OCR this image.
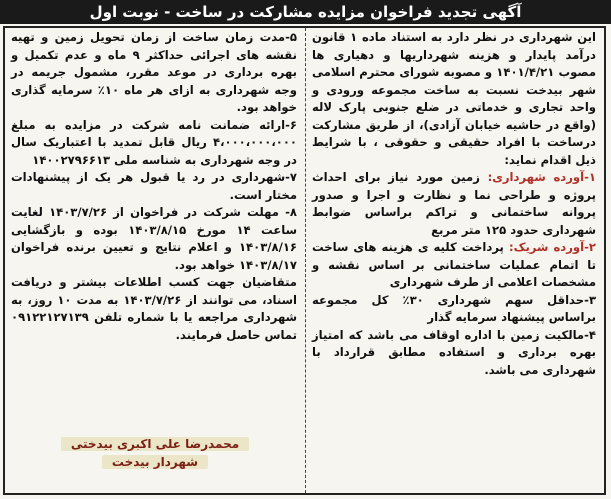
آگهی تجدید فراخوان مزایده مشارکت در ساخت - نوبت اول

این شهرداری در نظر دارد به استناد ماده ۱ قانون درآمد پایدار و هزینه شهرداریها و دهیاری ها مصوب ۱۴۰۱/۴/۲۱ و مصوبه شورای محترم اسلامی شهر بیدخت نسبت به ساخت مجموعه ورودی و واحد تجاری و خدماتی در ضلع جنوبی پارک لاله (واقع در حاشیه خیابان آزادی)، از طریق مشارکت درساخت با افراد حقیقی و حقوقی ، با شرایط ذیل اقدام نماید:

۱-آورده شهرداری: زمین مورد نیاز برای احداث پروژه و طراحی نما و نظارت و اجرا و صدور پروانه ساختمانی و تراکم براساس ضوابط شهرداری حدود ۱۲۵ متر مربع

۲-آورده شریک: پرداخت کلیه ی هزینه های ساخت تا اتمام عملیات ساختمانی بر اساس نقشه و مشخصات اعلامی از طرف شهرداری

۳-حداقل سهم شهرداری ۳۰٪ کل مجموعه براساس پیشنهاد سرمایه گذار

۴-مالکیت زمین با اداره اوقاف می باشد که امتیاز بهره برداری و استفاده مطابق قرارداد با شهرداری می باشد.

۵-مدت زمان ساخت از زمان تحویل زمین و تهیه نقشه های اجرائی حداکثر ۹ ماه و عدم تکمیل و بهره برداری در موعد مقرر، مشمول جریمه در وجه شهرداری به ازای هر ماه ۱۰٪ سرمایه گذاری خواهد بود.

۶-ارائه ضمانت نامه شرکت در مزایده به مبلغ ۴،۰۰۰،۰۰۰،۰۰۰ ریال قابل تمدید با اعتباریک سال در وجه شهرداری به شناسه ملی ۱۴۰۰۲۷۹۶۶۱۳

۷-شهرداری در رد یا قبول هر یک از پیشنهادات مختار است.

۸- مهلت شرکت در فراخوان از ۱۴۰۳/۷/۲۶ لغایت ساعت ۱۴ مورخ ۱۴۰۳/۸/۱۵ بوده و بازگشایی ۱۴۰۳/۸/۱۶ و اعلام نتایج و تعیین برنده فراخوان ۱۴۰۳/۸/۱۷ خواهد بود.

متقاضیان جهت کسب اطلاعات بیشتر و دریافت اسناد، می توانند از ۱۴۰۳/۷/۲۶ به مدت ۱۰ روز، به شهرداری مراجعه یا با شماره تلفن ۰۹۱۲۲۱۲۷۱۳۹ تماس حاصل فرمایند.

محمدرضا علی اکبری بیدختی
شهردار بیدخت
